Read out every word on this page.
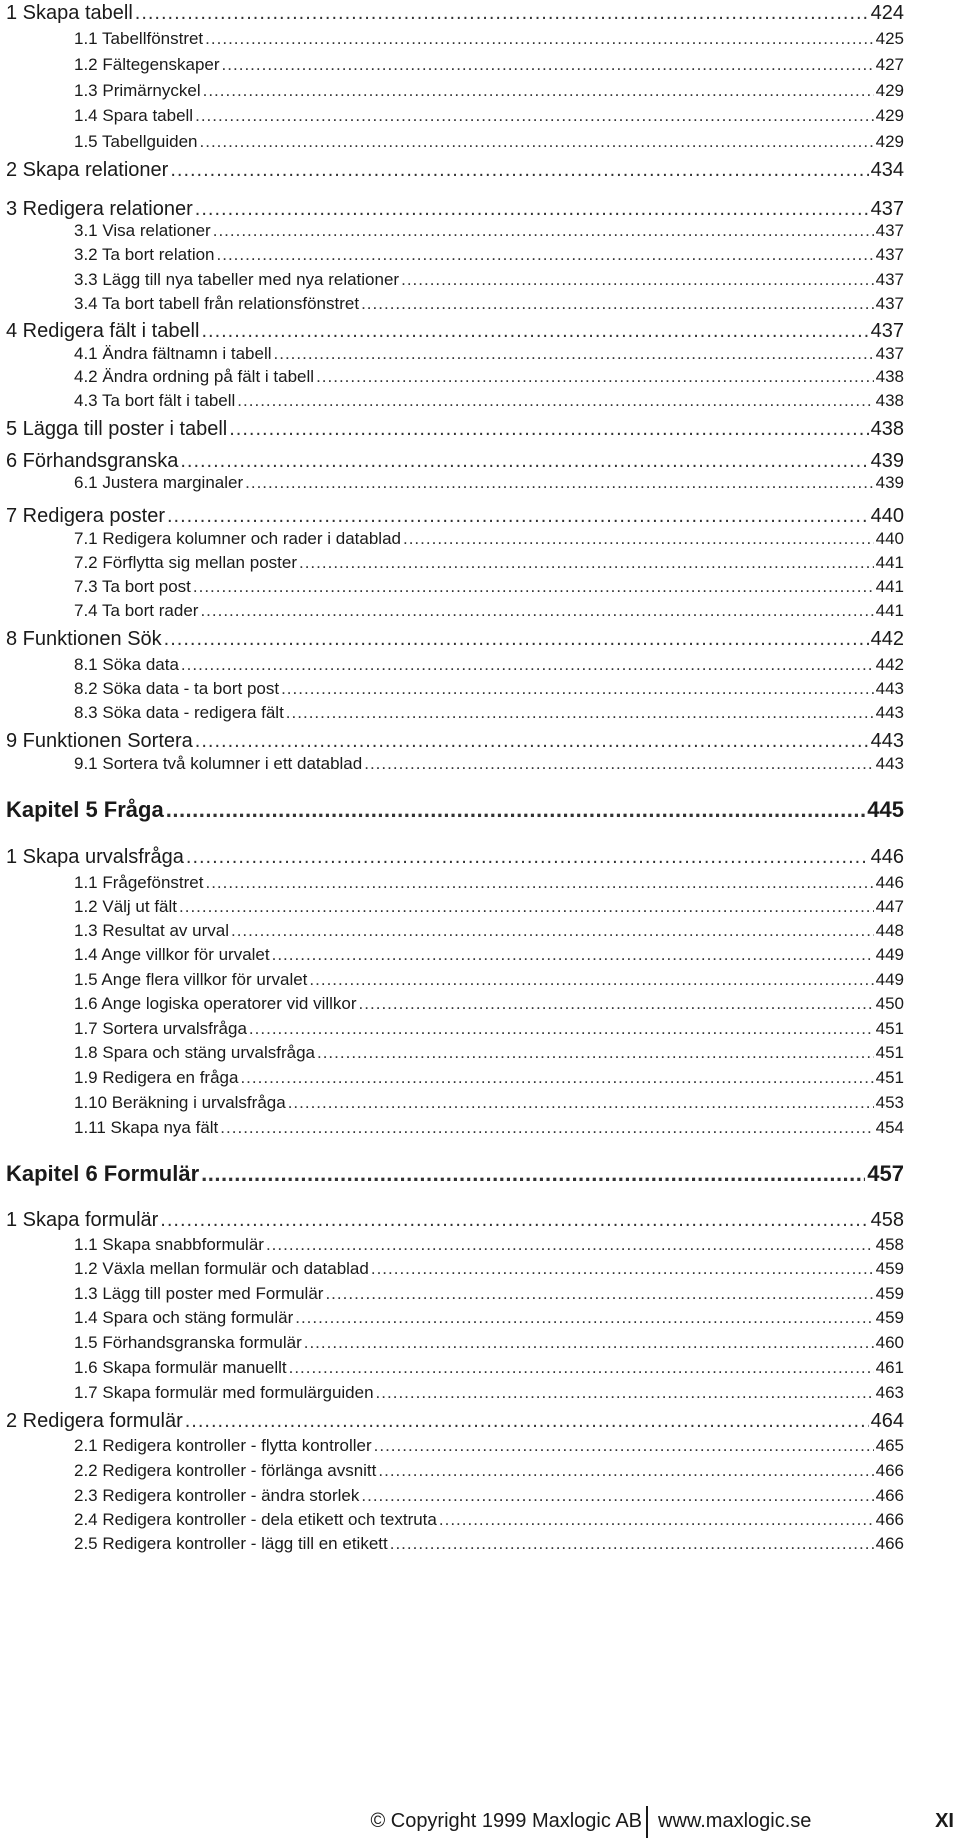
1 Skapa tabell .....	424
1.1 Tabellfönstret .....	425
1.2 Fältegenskaper .....	427
1.3 Primärnyckel .....	429
1.4 Spara tabell .....	429
1.5 Tabellguiden .....	429
2 Skapa relationer .....	434
3 Redigera relationer .....	437
3.1 Visa relationer .....	437
3.2 Ta bort relation .....	437
3.3 Lägg till nya tabeller med nya relationer .....	437
3.4 Ta bort tabell från relationsfönstret .....	437
4 Redigera fält i tabell .....	437
4.1 Ändra fältnamn i tabell .....	437
4.2 Ändra ordning på fält i tabell .....	438
4.3 Ta bort fält i tabell .....	438
5 Lägga till poster i tabell .....	438
6 Förhandsgranska .....	439
6.1 Justera marginaler .....	439
7 Redigera poster .....	440
7.1 Redigera kolumner och rader i datablad .....	440
7.2 Förflytta sig mellan poster .....	441
7.3 Ta bort post .....	441
7.4 Ta bort rader .....	441
8 Funktionen Sök .....	442
8.1 Söka data .....	442
8.2 Söka data - ta bort post .....	443
8.3 Söka data - redigera fält .....	443
9 Funktionen Sortera .....	443
9.1 Sortera två kolumner i ett datablad .....	443
Kapitel 5 Fråga .....	445
1 Skapa urvalsfråga .....	446
1.1 Frågefönstret .....	446
1.2 Välj ut fält .....	447
1.3 Resultat av urval .....	448
1.4 Ange villkor för urvalet .....	449
1.5 Ange flera villkor för urvalet .....	449
1.6 Ange logiska operatorer vid villkor .....	450
1.7 Sortera urvalsfråga .....	451
1.8 Spara och stäng urvalsfråga .....	451
1.9 Redigera en fråga .....	451
1.10 Beräkning i urvalsfråga .....	453
1.11 Skapa nya fält .....	454
Kapitel 6 Formulär .....	457
1 Skapa formulär .....	458
1.1 Skapa snabbformulär .....	458
1.2 Växla mellan formulär och datablad .....	459
1.3 Lägg till poster med Formulär .....	459
1.4 Spara och stäng formulär .....	459
1.5 Förhandsgranska formulär .....	460
1.6 Skapa formulär manuellt .....	461
1.7 Skapa formulär med formulärguiden .....	463
2 Redigera formulär .....	464
2.1 Redigera kontroller - flytta kontroller .....	465
2.2 Redigera kontroller - förlänga avsnitt .....	466
2.3 Redigera kontroller - ändra storlek .....	466
2.4 Redigera kontroller - dela etikett och textruta .....	466
2.5 Redigera kontroller - lägg till en etikett .....	466
© Copyright 1999 Maxlogic AB www.maxlogic.se	XI
